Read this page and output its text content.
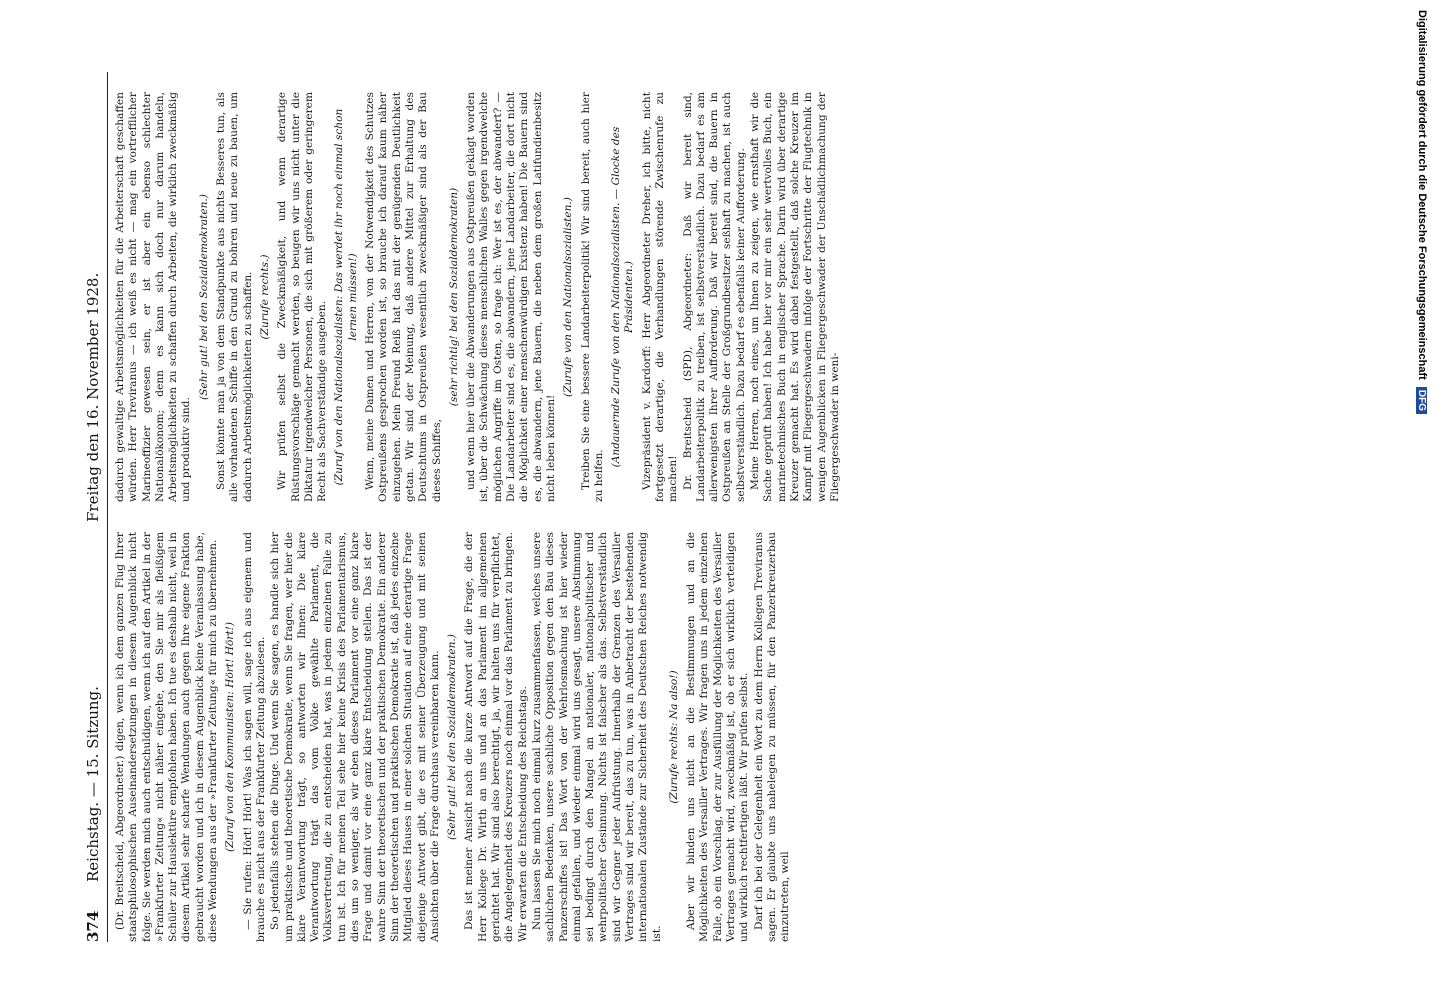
374
Reichstag. — 15. Sitzung.
Freitag den 16. November 1928.

(Dr. Breitscheid, Abgeordneter.) digen, wenn ich dem ganzen Flug Ihrer staatsphilosophischen Auseinandersetzungen in diesem Augenblick nicht folge. Sie werden mich auch entschuldigen, wenn ich auf den Artikel in der »Frankfurter Zeitung« nicht näher eingehe, den Sie mir als fleißigem Schüler zur Hauslektüre empfohlen haben. Ich tue es deshalb nicht, weil in diesem Artikel sehr scharfe Wendungen auch gegen Ihre eigene Fraktion gebraucht worden und ich in diesem Augenblick keine Veranlassung habe, diese Wendungen aus der »Frankfurter Zeitung« für mich zu übernehmen. (Zuruf von den Kommunisten: Hört! Hört!) — Sie rufen: Hört! Hört! Was ich sagen will, sage ich aus eigenem und brauche es nicht aus der Frankfurter Zeitung abzulesen. So jedenfalls stehen die Dinge. Und wenn Sie sagen, es handle sich hier um praktische und theoretische Demokratie, wenn Sie fragen, wer hier die klare Verantwortung trägt, so antworten wir Ihnen: Die klare Verantwortung trägt das vom Volke gewählte Parlament, die Volksvertretung, die zu entscheiden hat, was in jedem einzelnen Falle zu tun ist. Ich für meinen Teil sehe hier keine Krisis des Parlamentarismus, dies um so weniger, als wir eben dieses Parlament vor eine ganz klare Frage und damit vor eine ganz klare Entscheidung stellen. Das ist der wahre Sinn der theoretischen und der praktischen Demokratie. Ein anderer Sinn der theoretischen und praktischen Demokratie ist, daß jedes einzelne Mitglied dieses Hauses in einer solchen Situation auf eine derartige Frage diejenige Antwort gibt, die es mit seiner Überzeugung und mit seinen Ansichten über die Frage durchaus vereinbaren kann. (Sehr gut! bei den Sozialdemokraten.) Das ist meiner Ansicht nach die kurze Antwort auf die Frage, die der Herr Kollege Dr. Wirth an uns und an das Parlament im allgemeinen gerichtet hat. Wir sind also berechtigt, ja, wir halten uns für verpflichtet, die Angelegenheit des Kreuzers noch einmal vor das Parlament zu bringen. Wir erwarten die Entscheidung des Reichstags. Nun lassen Sie mich noch einmal kurz zusammenfassen, welches unsere sachlichen Bedenken, unsere sachliche Opposition gegen den Bau dieses Panzerschiffes ist! Das Wort von der Wehrlosmachung ist hier wieder einmal gefallen, und wieder einmal wird uns gesagt, unsere Abstimmung sei bedingt durch den Mangel an nationaler, nationalpolitischer und wehrpolitischer Gesinnung. Nichts ist falscher als das. Selbstverständlich sind wir Gegner jeder Aufrüstung. Innerhalb der Grenzen des Versailler Vertrages sind wir bereit, das zu tun, was in Anbetracht der bestehenden internationalen Zustände zur Sicherheit des Deutschen Reiches notwendig ist.

(Zurufe rechts: Na also!) Aber wir binden uns nicht an die Bestimmungen und an die Möglichkeiten des Versailler Vertrages. Wir fragen uns in jedem einzelnen Falle, ob ein Vorschlag, der zur Ausfüllung der Möglichkeiten des Versailler Vertrages gemacht wird, zweckmäßig ist, ob er sich wirklich verteidigen und wirklich rechtfertigen läßt. Wir prüfen selbst. Darf ich bei der Gelegenheit ein Wort zu dem Herrn Kollegen Treviranus sagen. Er glaubte uns nahelegen zu müssen, für den Panzerkreuzerbau einzutreten, weil

dadurch gewaltige Arbeitsmöglichkeiten für die Arbeiterschaft geschaffen würden. Herr Treviranus — ich weiß es nicht — mag ein vortrefflicher Marineoffizier gewesen sein, er ist aber ein ebenso schlechter Nationalökonom; denn es kann sich doch nur darum handeln, Arbeitsmöglichkeiten zu schaffen durch Arbeiten, die wirklich zweckmäßig und produktiv sind.

(Sehr gut! bei den Sozialdemokraten.) Sonst könnte man ja von dem Standpunkte aus nichts Besseres tun, als alle vorhandenen Schiffe in den Grund zu bohren und neue zu bauen, um dadurch Arbeitsmöglichkeiten zu schaffen. (Zurufe rechts.) Wir prüfen selbst die Zweckmäßigkeit, und wenn derartige Rüstungsvorschläge gemacht werden, so beugen wir uns nicht unter die Diktatur irgendwelcher Personen, die sich mit größerem oder geringerem Recht als Sachverständige ausgeben. (Zuruf von den Nationalsozialisten: Das werdet ihr noch einmal schon lernen müssen!) Wenn, meine Damen und Herren, von der Notwendigkeit des Schutzes Ostpreußens gesprochen worden ist, so brauche ich darauf kaum näher einzugehen. Mein Freund Reiß hat das mit der genügenden Deutlichkeit getan. Wir sind der Meinung, daß andere Mittel zur Erhaltung des Deutschtums in Ostpreußen wesentlich zweckmäßiger sind als der Bau dieses Schiffes,

(sehr richtig! bei den Sozialdemokraten) und wenn hier über die Abwanderungen aus Ostpreußen geklagt worden ist, über die Schwächung dieses menschlichen Walles gegen irgendwelche möglichen Angriffe im Osten, so frage ich: Wer ist es, der abwandert? — Die Landarbeiter sind es, die abwandern, jene Landarbeiter, die dort nicht die Möglichkeit einer menschenwürdigen Existenz haben! Die Bauern sind es, die abwandern, jene Bauern, die neben dem großen Latifundienbesitz nicht leben können!

(Zurufe von den Nationalsozialisten.) Treiben Sie eine bessere Landarbeiterpolitik! Wir sind bereit, auch hier zu helfen.

(Andauernde Zurufe von den Nationalsozialisten. — Glocke des Präsidenten.) Vizepräsident v. Kardorff: Herr Abgeordneter Dreher, ich bitte, nicht fortgesetzt derartige, die Verhandlungen störende Zwischenrufe zu machen! Dr. Breitscheid (SPD), Abgeordneter: Daß wir bereit sind, Landarbeiterpolitik zu treiben, ist selbstverständlich. Dazu bedarf es am allerwenigsten Ihrer Aufforderung. Daß wir bereit sind, die Bauern in Ostpreußen an Stelle der Großgrundbesitzer seßhaft zu machen, ist auch selbstverständlich. Dazu bedarf es ebenfalls keiner Aufforderung. Meine Herren, noch eines, um Ihnen zu zeigen, wie ernsthaft wir die Sache geprüft haben! Ich habe hier vor mir ein sehr wertvolles Buch, ein marinetechnisches Buch in englischer Sprache. Darin wird über derartige Kreuzer gemacht hat. Es wird dabei festgestellt, daß solche Kreuzer im Kampf mit Fliegergeschwadern infolge der Fortschritte der Flugtechnik in wenigen Augenblicken in Fliegergeschwader der Unschädlichmachung der Fliegergeschwader in weni-

Digitalisierung gefördert durch die Deutsche Forschungsgemeinschaft DFG
